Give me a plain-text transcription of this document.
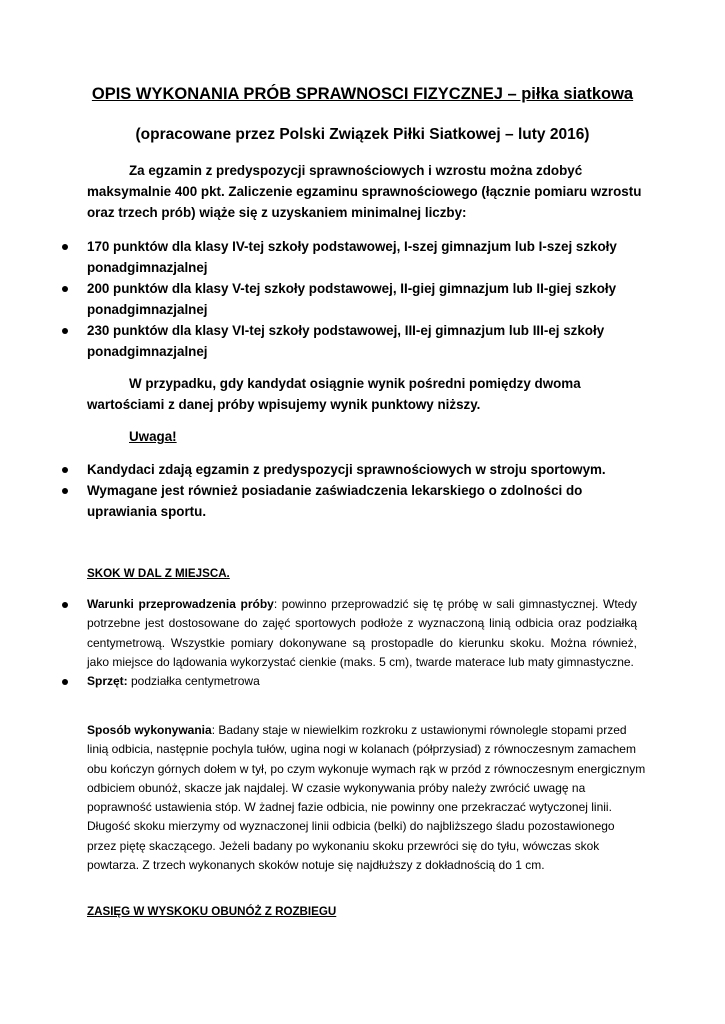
OPIS WYKONANIA PRÓB SPRAWNOSCI FIZYCZNEJ – piłka siatkowa
(opracowane przez Polski Związek Piłki Siatkowej – luty 2016)
Za egzamin z predyspozycji sprawnościowych i wzrostu można zdobyć maksymalnie 400 pkt. Zaliczenie egzaminu sprawnościowego (łącznie pomiaru wzrostu oraz trzech prób) wiąże się z uzyskaniem minimalnej liczby:
170 punktów dla klasy IV-tej szkoły podstawowej, I-szej gimnazjum lub I-szej szkoły ponadgimnazjalnej
200 punktów dla klasy V-tej szkoły podstawowej, II-giej gimnazjum lub II-giej szkoły ponadgimnazjalnej
230 punktów dla klasy VI-tej szkoły podstawowej, III-ej gimnazjum lub III-ej szkoły ponadgimnazjalnej
W przypadku, gdy kandydat osiągnie wynik pośredni pomiędzy dwoma wartościami z danej próby wpisujemy wynik punktowy niższy.
Uwaga!
Kandydaci zdają egzamin z predyspozycji sprawnościowych w stroju sportowym.
Wymagane jest również posiadanie zaświadczenia lekarskiego o zdolności do uprawiania sportu.
SKOK W DAL Z MIEJSCA.
Warunki przeprowadzenia próby: powinno przeprowadzić się tę próbę w sali gimnastycznej. Wtedy potrzebne jest dostosowane do zajęć sportowych podłoże z wyznaczoną linią odbicia oraz podziałką centymetrową. Wszystkie pomiary dokonywane są prostopadle do kierunku skoku. Można również, jako miejsce do lądowania wykorzystać cienkie (maks. 5 cm), twarde materace lub maty gimnastyczne.
Sprzęt: podziałka centymetrowa
Sposób wykonywania: Badany staje w niewielkim rozkroku z ustawionymi równolegle stopami przed linią odbicia, następnie pochyla tułów, ugina nogi w kolanach (półprzysiad) z równoczesnym zamachem obu kończyn górnych dołem w tył, po czym wykonuje wymach rąk w przód z równoczesnym energicznym odbiciem obunóż, skacze jak najdalej. W czasie wykonywania próby należy zwrócić uwagę na poprawność ustawienia stóp. W żadnej fazie odbicia, nie powinny one przekraczać wytyczonej linii. Długość skoku mierzymy od wyznaczonej linii odbicia (belki) do najbliższego śladu pozostawionego przez piętę skaczącego. Jeżeli badany po wykonaniu skoku przewróci się do tyłu, wówczas skok powtarza. Z trzech wykonanych skoków notuje się najdłuższy z dokładnością do 1 cm.
ZASIĘG W WYSKOKU OBUNÓŻ Z ROZBIEGU
